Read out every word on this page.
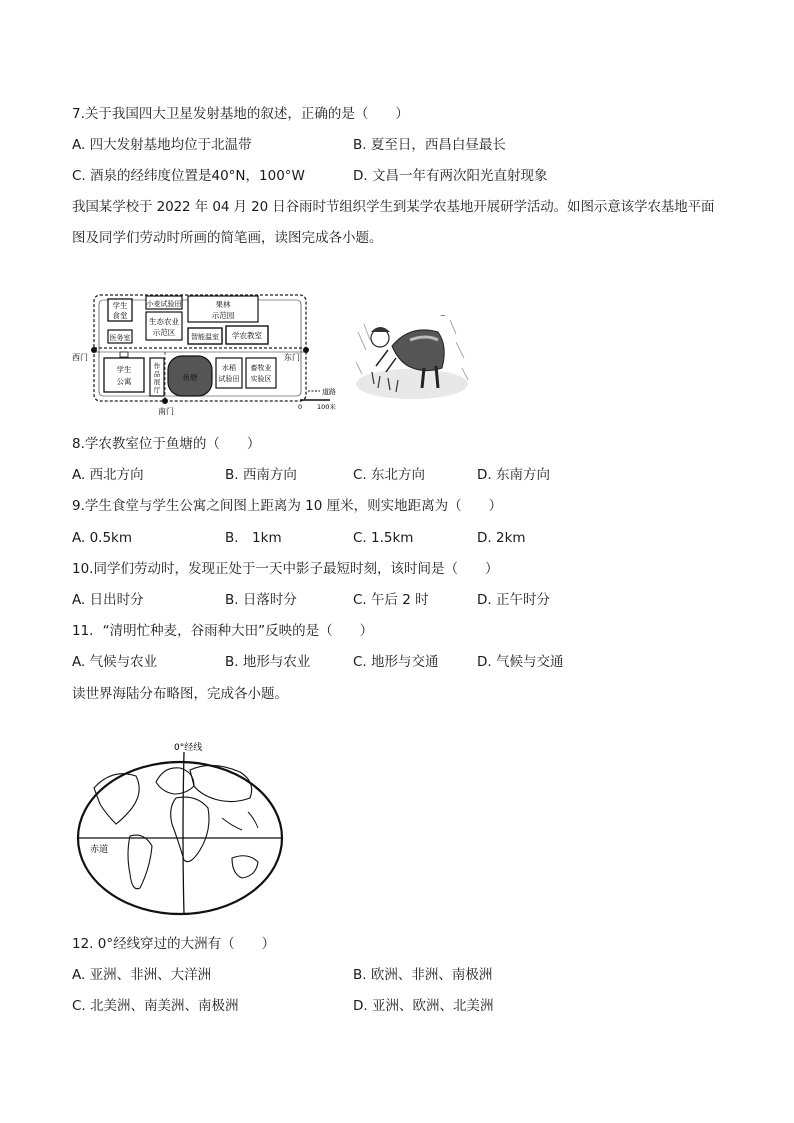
7.关于我国四大卫星发射基地的叙述，正确的是（　　）
A. 四大发射基地均位于北温带	B. 夏至日，西昌白昼最长
C. 酒泉的经纬度位置是40°N，100°W	D. 文昌一年有两次阳光直射现象
我国某学校于 2022 年 04 月 20 日谷雨时节组织学生到某学农基地开展研学活动。如图示意该学农基地平面
图及同学们劳动时所画的简笔画，读图完成各小题。
学生
食堂
小麦试验田
生态农业
示范区
果林
示范园
医务室	智能温室 学农教室
学生
公寓
作
品
展
厅
鱼塘
水稻
试验田
畜牧业
实验区
西门	东门
南门
道路
0 100米
~
8.学农教室位于鱼塘的（　　）
A. 西北方向	B. 西南方向	C. 东北方向	D. 东南方向
9.学生食堂与学生公寓之间图上距离为 10 厘米，则实地距离为（　　）
A. 0.5km	B.　1km	C. 1.5km	D. 2km
10.同学们劳动时，发现正处于一天中影子最短时刻，该时间是（　　）
A. 日出时分	B. 日落时分	C. 午后 2 时	D. 正午时分
11．“清明忙种麦，谷雨种大田”反映的是（　　）
A. 气候与农业	B. 地形与农业	C. 地形与交通	D. 气候与交通
读世界海陆分布略图，完成各小题。
0°经线
赤道
12. 0°经线穿过的大洲有（　　）
A. 亚洲、非洲、大洋洲	B. 欧洲、非洲、南极洲
C. 北美洲、南美洲、南极洲	D. 亚洲、欧洲、北美洲
